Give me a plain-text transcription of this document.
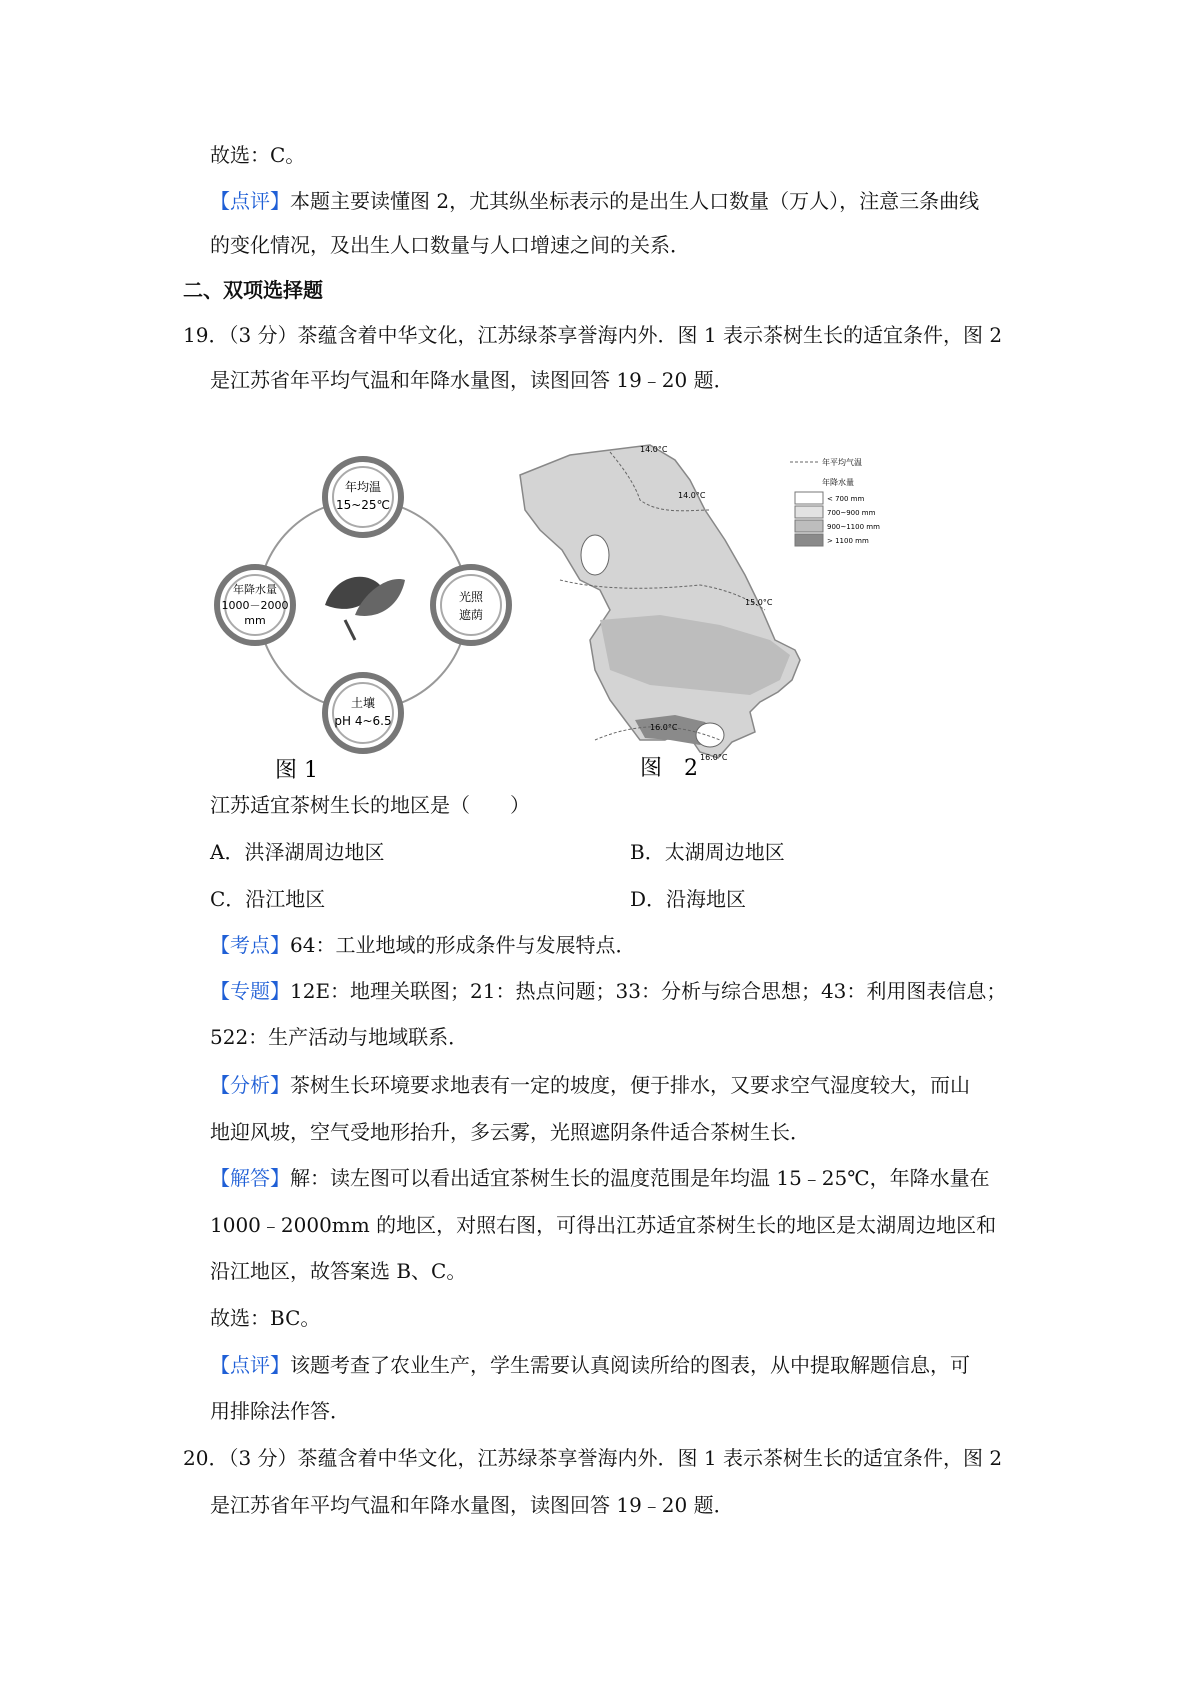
故选：C。
【点评】本题主要读懂图 2，尤其纵坐标表示的是出生人口数量（万人），注意三条曲线
的变化情况，及出生人口数量与人口增速之间的关系．
二、双项选择题
19．（3 分）茶蕴含着中华文化，江苏绿茶享誉海内外．图 1 表示茶树生长的适宜条件，图 2
是江苏省年平均气温和年降水量图，读图回答 19﹣20 题．
年均温
15~25℃
年降水量
1000－2000
mm
光照
遮荫
土壤
pH 4~6.5
图 1
14.0°C
14.0°C
15.0°C
16.0°C
16.0°C
年平均气温
年降水量
< 700 mm
700~900 mm
900~1100 mm
> 1100 mm
图　2
江苏适宜茶树生长的地区是（　　）
A．洪泽湖周边地区	B．太湖周边地区
C．沿江地区	D．沿海地区
【考点】64：工业地域的形成条件与发展特点．
【专题】12E：地理关联图；21：热点问题；33：分析与综合思想；43：利用图表信息；
522：生产活动与地域联系．
【分析】茶树生长环境要求地表有一定的坡度，便于排水，又要求空气湿度较大，而山
地迎风坡，空气受地形抬升，多云雾，光照遮阴条件适合茶树生长．
【解答】解：读左图可以看出适宜茶树生长的温度范围是年均温 15﹣25℃，年降水量在
1000﹣2000mm 的地区，对照右图，可得出江苏适宜茶树生长的地区是太湖周边地区和
沿江地区，故答案选 B、C。
故选：BC。
【点评】该题考查了农业生产，学生需要认真阅读所给的图表，从中提取解题信息，可
用排除法作答．
20．（3 分）茶蕴含着中华文化，江苏绿茶享誉海内外．图 1 表示茶树生长的适宜条件，图 2
是江苏省年平均气温和年降水量图，读图回答 19﹣20 题．
